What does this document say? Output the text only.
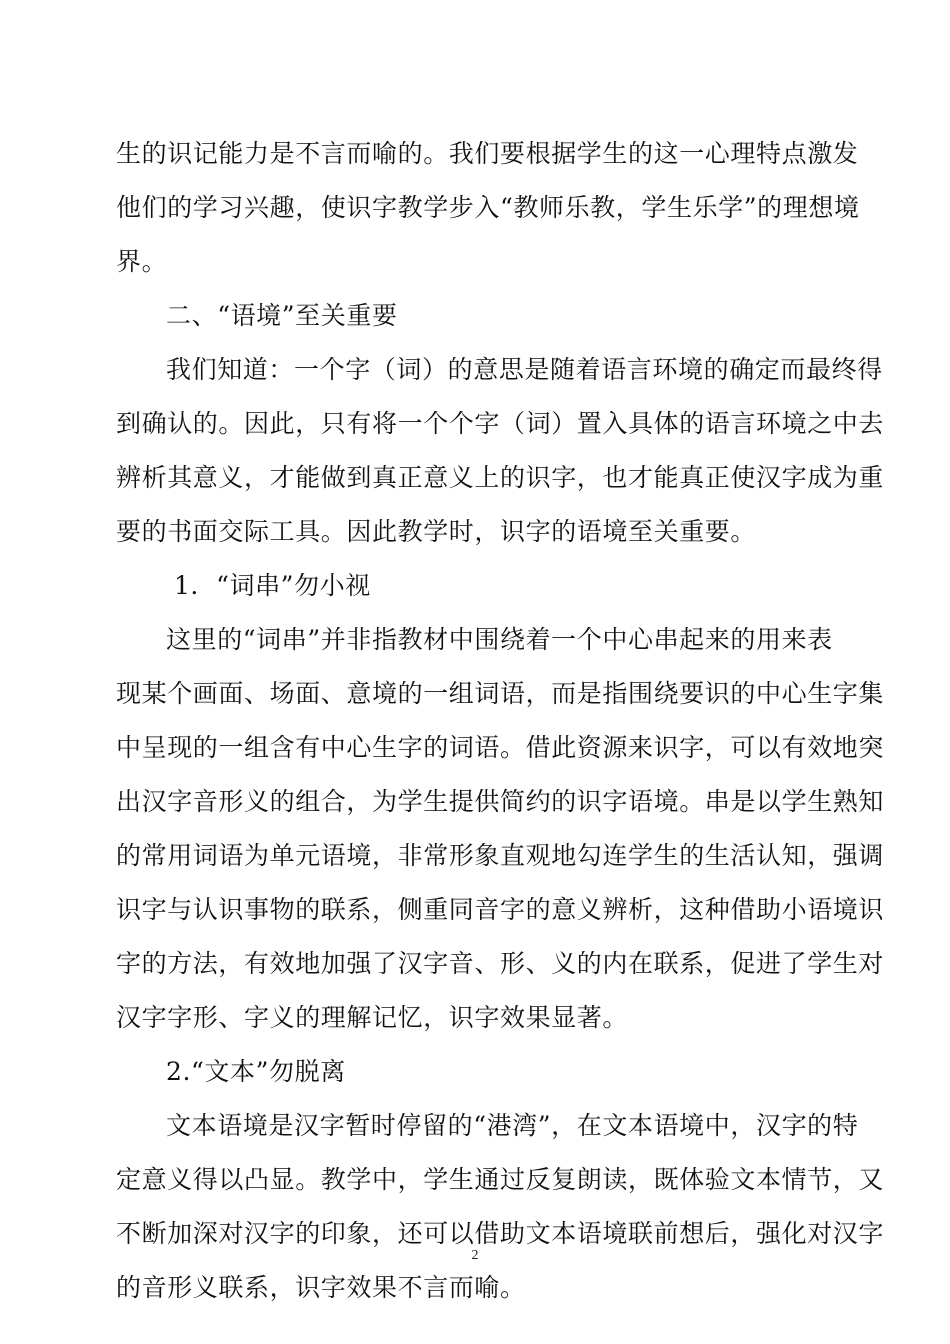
生的识记能力是不言而喻的。我们要根据学生的这一心理特点激发
他们的学习兴趣，使识字教学步入“教师乐教，学生乐学”的理想境
界。
二、“语境”至关重要
我们知道：一个字（词）的意思是随着语言环境的确定而最终得
到确认的。因此，只有将一个个字（词）置入具体的语言环境之中去
辨析其意义，才能做到真正意义上的识字，也才能真正使汉字成为重
要的书面交际工具。因此教学时，识字的语境至关重要。
1．“词串”勿小视
这里的“词串”并非指教材中围绕着一个中心串起来的用来表
现某个画面、场面、意境的一组词语，而是指围绕要识的中心生字集
中呈现的一组含有中心生字的词语。借此资源来识字，可以有效地突
出汉字音形义的组合，为学生提供简约的识字语境。串是以学生熟知
的常用词语为单元语境，非常形象直观地勾连学生的生活认知，强调
识字与认识事物的联系，侧重同音字的意义辨析，这种借助小语境识
字的方法，有效地加强了汉字音、形、义的内在联系，促进了学生对
汉字字形、字义的理解记忆，识字效果显著。
2.“文本”勿脱离
文本语境是汉字暂时停留的“港湾”，在文本语境中，汉字的特
定意义得以凸显。教学中，学生通过反复朗读，既体验文本情节，又
不断加深对汉字的印象，还可以借助文本语境联前想后，强化对汉字
的音形义联系，识字效果不言而喻。
2
